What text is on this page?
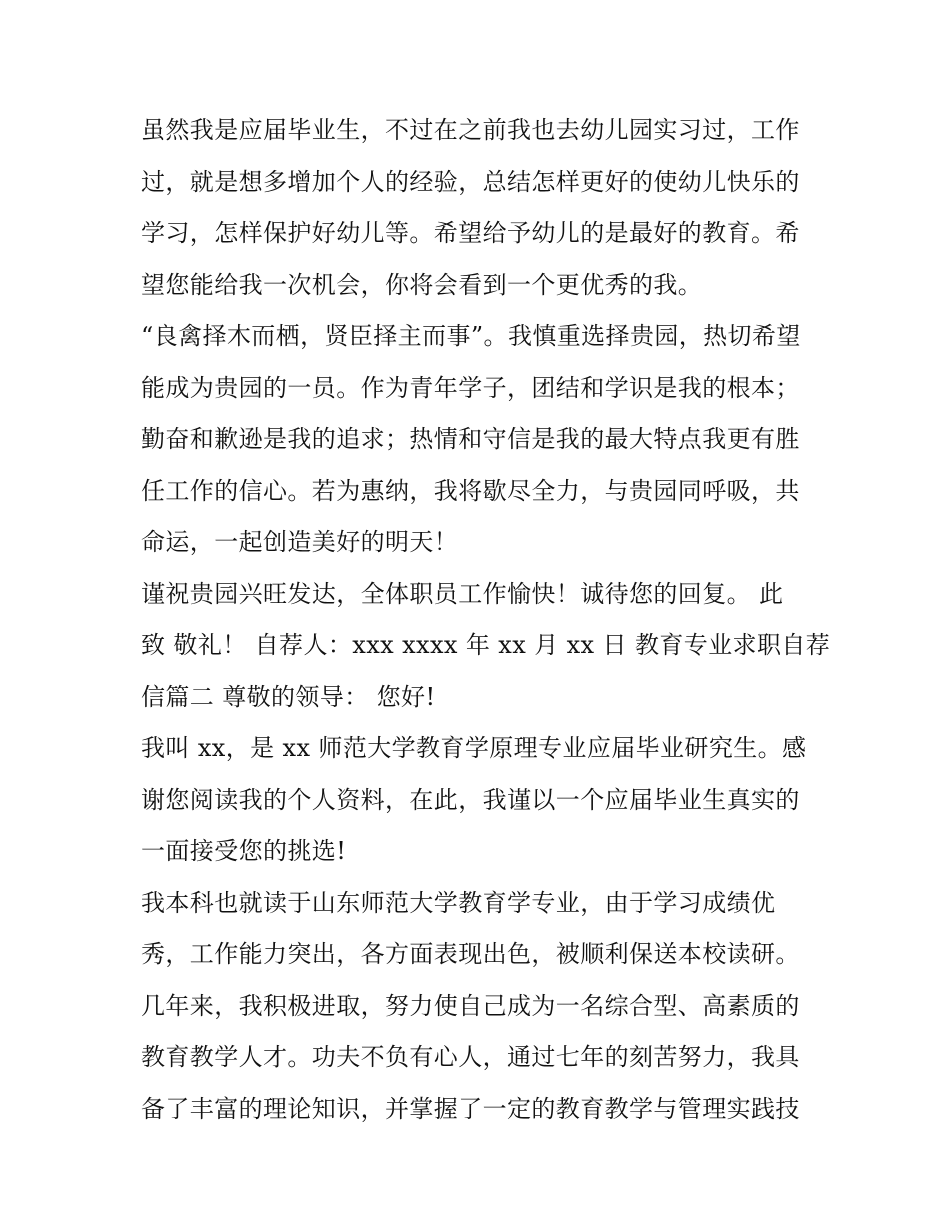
虽然我是应届毕业生，不过在之前我也去幼儿园实习过，工作
过，就是想多增加个人的经验，总结怎样更好的使幼儿快乐的
学习，怎样保护好幼儿等。希望给予幼儿的是最好的教育。希
望您能给我一次机会，你将会看到一个更优秀的我。
“良禽择木而栖，贤臣择主而事”。我慎重选择贵园，热切希望
能成为贵园的一员。作为青年学子，团结和学识是我的根本；
勤奋和歉逊是我的追求；热情和守信是我的最大特点我更有胜
任工作的信心。若为惠纳，我将歇尽全力，与贵园同呼吸，共
命运，一起创造美好的明天！
谨祝贵园兴旺发达，全体职员工作愉快！诚待您的回复。 此
致 敬礼！ 自荐人：xxx xxxx 年 xx 月 xx 日 教育专业求职自荐
信篇二 尊敬的领导： 您好!
我叫 xx，是 xx 师范大学教育学原理专业应届毕业研究生。感
谢您阅读我的个人资料，在此，我谨以一个应届毕业生真实的
一面接受您的挑选!
我本科也就读于山东师范大学教育学专业，由于学习成绩优
秀，工作能力突出，各方面表现出色，被顺利保送本校读研。
几年来，我积极进取，努力使自己成为一名综合型、高素质的
教育教学人才。功夫不负有心人，通过七年的刻苦努力，我具
备了丰富的理论知识，并掌握了一定的教育教学与管理实践技
